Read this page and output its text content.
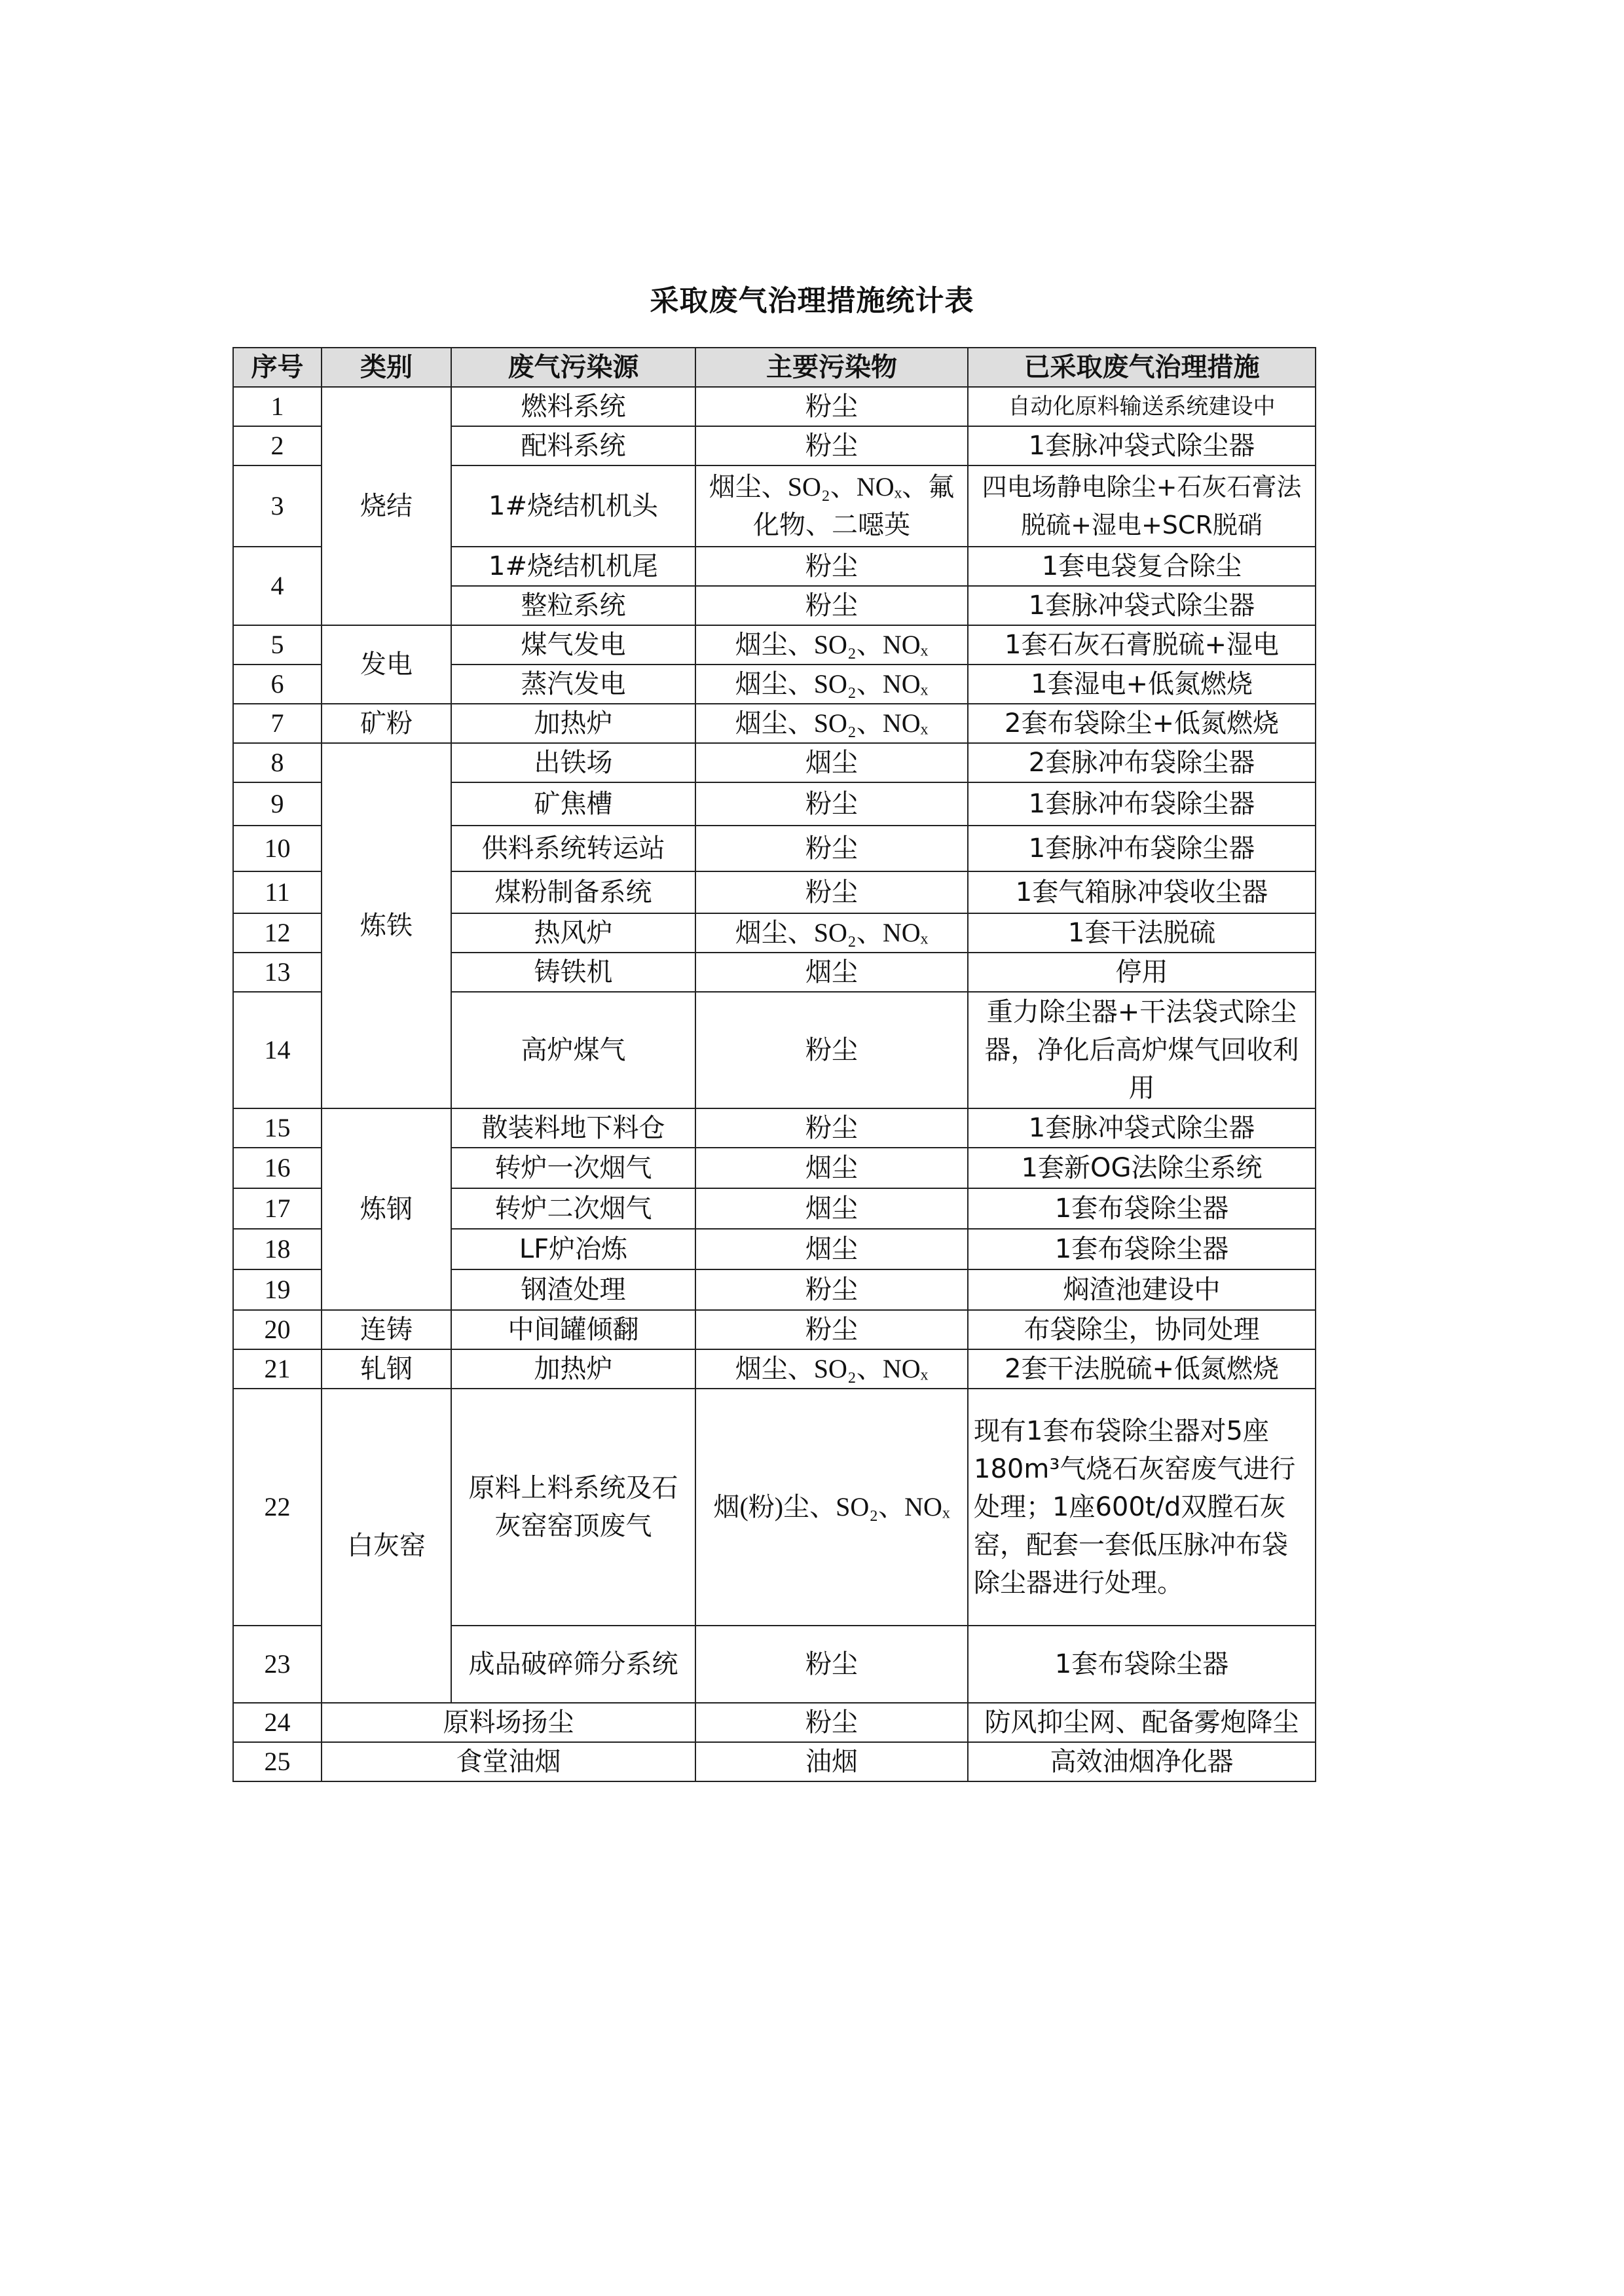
采取废气治理措施统计表
序号	类别	废气污染源	主要污染物	已采取废气治理措施
1	烧结	燃料系统	粉尘	自动化原料输送系统建设中
2		配料系统	粉尘	1套脉冲袋式除尘器
3		1#烧结机机头	烟尘、SO₂、NOₓ、氟化物、二噁英	四电场静电除尘+石灰石膏法脱硫+湿电+SCR脱硝
4		1#烧结机机尾	粉尘	1套电袋复合除尘
		整粒系统	粉尘	1套脉冲袋式除尘器
5	发电	煤气发电	烟尘、SO₂、NOₓ	1套石灰石膏脱硫+湿电
6		蒸汽发电	烟尘、SO₂、NOₓ	1套湿电+低氮燃烧
7	矿粉	加热炉	烟尘、SO₂、NOₓ	2套布袋除尘+低氮燃烧
8	炼铁	出铁场	烟尘	2套脉冲布袋除尘器
9		矿焦槽	粉尘	1套脉冲布袋除尘器
10		供料系统转运站	粉尘	1套脉冲布袋除尘器
11		煤粉制备系统	粉尘	1套气箱脉冲袋收尘器
12		热风炉	烟尘、SO₂、NOₓ	1套干法脱硫
13		铸铁机	烟尘	停用
14		高炉煤气	粉尘	重力除尘器+干法袋式除尘器，净化后高炉煤气回收利用
15	炼钢	散装料地下料仓	粉尘	1套脉冲袋式除尘器
16		转炉一次烟气	烟尘	1套新OG法除尘系统
17		转炉二次烟气	烟尘	1套布袋除尘器
18		LF炉冶炼	烟尘	1套布袋除尘器
19		钢渣处理	粉尘	焖渣池建设中
20	连铸	中间罐倾翻	粉尘	布袋除尘，协同处理
21	轧钢	加热炉	烟尘、SO₂、NOₓ	2套干法脱硫+低氮燃烧
22	白灰窑	原料上料系统及石灰窑窑顶废气	烟(粉)尘、SO₂、NOₓ	现有1套布袋除尘器对5座180m³气烧石灰窑废气进行处理；1座600t/d双膛石灰窑，配套一套低压脉冲布袋除尘器进行处理。
23		成品破碎筛分系统	粉尘	1套布袋除尘器
24	原料场扬尘		粉尘	防风抑尘网、配备雾炮降尘
25	食堂油烟		油烟	高效油烟净化器
